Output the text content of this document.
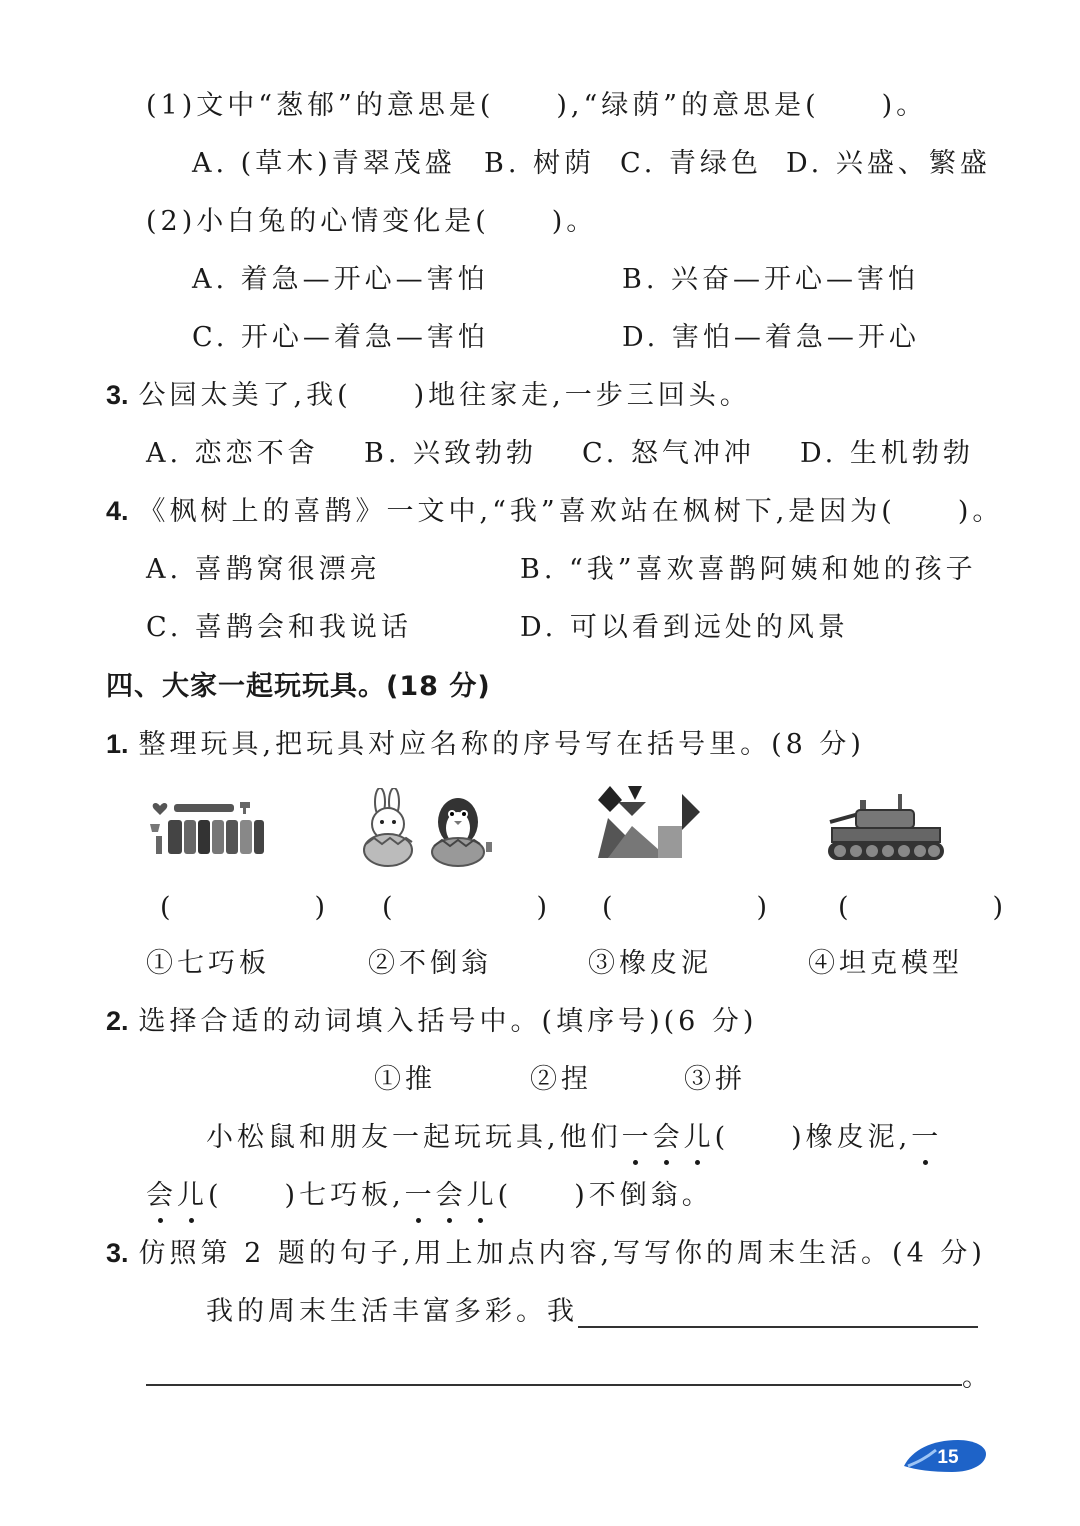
(1)文中“葱郁”的意思是(　　),“绿荫”的意思是(　　)。
A. (草木)青翠茂盛 B. 树荫 C. 青绿色 D. 兴盛、繁盛
(2)小白兔的心情变化是(　　)。
A. 着急—开心—害怕	B. 兴奋—开心—害怕
C. 开心—着急—害怕	D. 害怕—着急—开心
3. 公园太美了,我(　　)地往家走,一步三回头。
A. 恋恋不舍 B. 兴致勃勃 C. 怒气冲冲 D. 生机勃勃
4. 《枫树上的喜鹊》一文中,“我”喜欢站在枫树下,是因为(　　)。
A. 喜鹊窝很漂亮	B. “我”喜欢喜鹊阿姨和她的孩子
C. 喜鹊会和我说话	D. 可以看到远处的风景
四、大家一起玩玩具。(18 分)
1. 整理玩具,把玩具对应名称的序号写在括号里。(8 分)
(　　) (　　) (　　) (　　)
①七巧板	②不倒翁	③橡皮泥	④坦克模型
2. 选择合适的动词填入括号中。(填序号)(6 分)
①推	②捏	③拼
小松鼠和朋友一起玩玩具,他们一会儿(　　)橡皮泥,一
会儿(　　)七巧板,一会儿(　　)不倒翁。
3. 仿照第 2 题的句子,用上加点内容,写写你的周末生活。(4 分)
我的周末生活丰富多彩。我
。
15
